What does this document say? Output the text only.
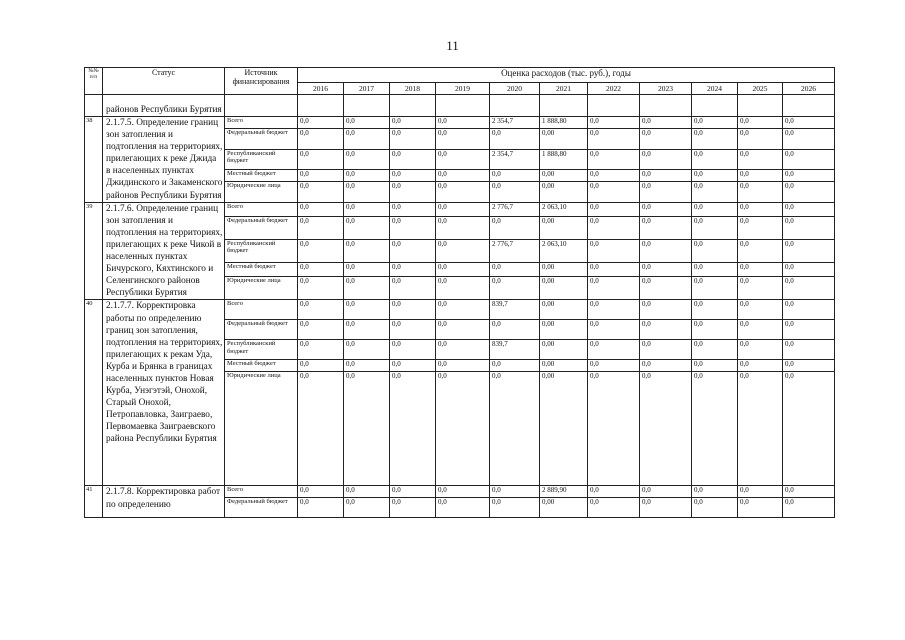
11
№№ п/п	Статус	Источник финансирования	Оценка расходов (тыс. руб.), годы										
			2016	2017	2018	2019	2020	2021	2022	2023	2024	2025	2026
	районов Республики Бурятия												
38	2.1.7.5. Определение границ зон затопления и подтопления на территориях, прилегающих к реке Джида в населенных пунктах Джидинского и Закаменского районов Республики Бурятия	Всего	0,0	0,0	0,0	0,0	2 354,7	1 888,80	0,0	0,0	0,0	0,0	0,0
		Федеральный бюджет	0,0	0,0	0,0	0,0	0,0	0,00	0,0	0,0	0,0	0,0	0,0
		Республиканский бюджет	0,0	0,0	0,0	0,0	2 354,7	1 888,80	0,0	0,0	0,0	0,0	0,0
		Местный бюджет	0,0	0,0	0,0	0,0	0,0	0,00	0,0	0,0	0,0	0,0	0,0
		Юридические лица	0,0	0,0	0,0	0,0	0,0	0,00	0,0	0,0	0,0	0,0	0,0
39	2.1.7.6. Определение границ зон затопления и подтопления на территориях, прилегающих к реке Чикой в населенных пунктах Бичурского, Кяхтинского и Селенгинского районов Республики Бурятия	Всего	0,0	0,0	0,0	0,0	2 776,7	2 063,10	0,0	0,0	0,0	0,0	0,0
		Федеральный бюджет	0,0	0,0	0,0	0,0	0,0	0,00	0,0	0,0	0,0	0,0	0,0
		Республиканский бюджет	0,0	0,0	0,0	0,0	2 776,7	2 063,10	0,0	0,0	0,0	0,0	0,0
		Местный бюджет	0,0	0,0	0,0	0,0	0,0	0,00	0,0	0,0	0,0	0,0	0,0
		Юридические лица	0,0	0,0	0,0	0,0	0,0	0,00	0,0	0,0	0,0	0,0	0,0
40	2.1.7.7. Корректировка работы по определению границ зон затопления, подтопления на территориях, прилегающих к рекам Уда, Курба и Брянка в границах населенных пунктов Новая Курба, Унэгэтэй, Онохой, Старый Онохой, Петропавловка, Заиграево, Первомаевка Заиграевского района Республики Бурятия	Всего	0,0	0,0	0,0	0,0	839,7	0,00	0,0	0,0	0,0	0,0	0,0
		Федеральный бюджет	0,0	0,0	0,0	0,0	0,0	0,00	0,0	0,0	0,0	0,0	0,0
		Республиканский бюджет	0,0	0,0	0,0	0,0	839,7	0,00	0,0	0,0	0,0	0,0	0,0
		Местный бюджет	0,0	0,0	0,0	0,0	0,0	0,00	0,0	0,0	0,0	0,0	0,0
		Юридические лица	0,0	0,0	0,0	0,0	0,0	0,00	0,0	0,0	0,0	0,0	0,0
41	2.1.7.8. Корректировка работ по определению	Всего	0,0	0,0	0,0	0,0	0,0	2 889,90	0,0	0,0	0,0	0,0	0,0
		Федеральный бюджет	0,0	0,0	0,0	0,0	0,0	0,00	0,0	0,0	0,0	0,0	0,0
